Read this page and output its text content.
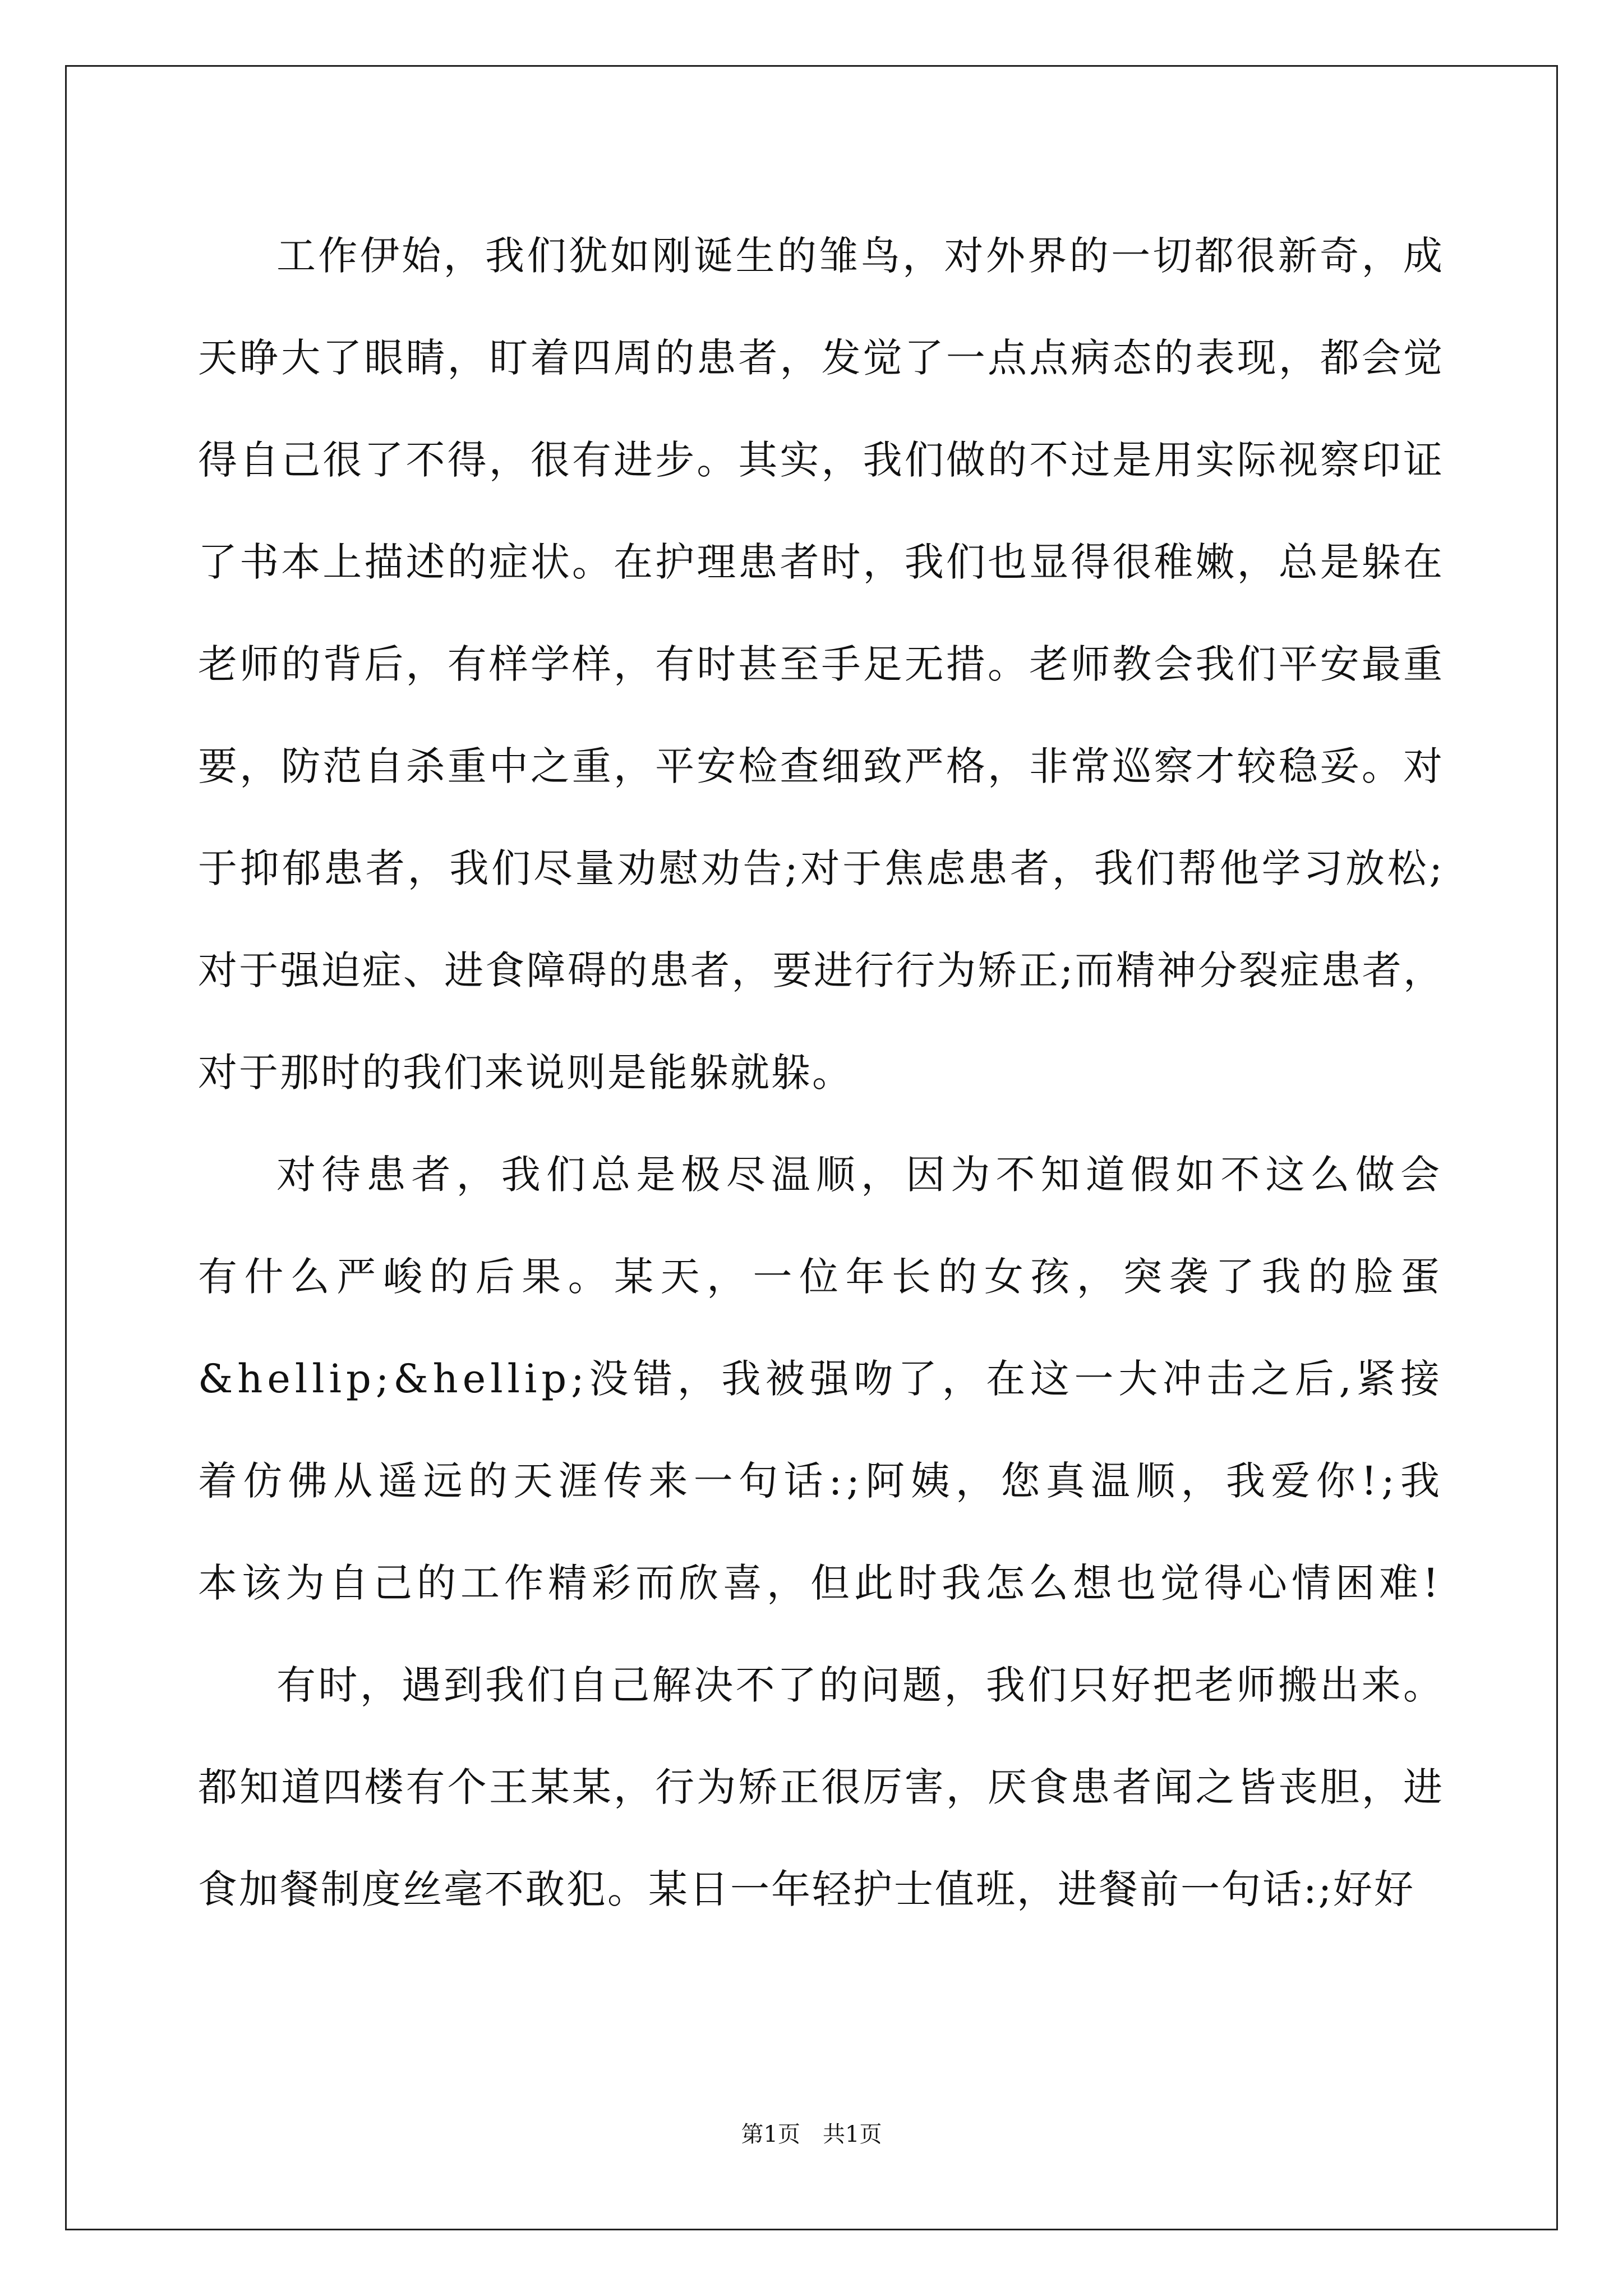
工作伊始，我们犹如刚诞生的雏鸟，对外界的一切都很新奇，成天睁大了眼睛，盯着四周的患者，发觉了一点点病态的表现，都会觉得自己很了不得，很有进步。其实，我们做的不过是用实际视察印证了书本上描述的症状。在护理患者时，我们也显得很稚嫩，总是躲在老师的背后，有样学样，有时甚至手足无措。老师教会我们平安最重要，防范自杀重中之重，平安检查细致严格，非常巡察才较稳妥。对于抑郁患者，我们尽量劝慰劝告;对于焦虑患者，我们帮他学习放松;对于强迫症、进食障碍的患者，要进行行为矫正;而精神分裂症患者，对于那时的我们来说则是能躲就躲。

对待患者，我们总是极尽温顺，因为不知道假如不这么做会有什么严峻的后果。某天，一位年长的女孩，突袭了我的脸蛋&hellip;&hellip;没错，我被强吻了，在这一大冲击之后,紧接着仿佛从遥远的天涯传来一句话:;阿姨，您真温顺，我爱你!;我本该为自己的工作精彩而欣喜，但此时我怎么想也觉得心情困难!

有时，遇到我们自己解决不了的问题，我们只好把老师搬出来。都知道四楼有个王某某，行为矫正很厉害，厌食患者闻之皆丧胆，进食加餐制度丝毫不敢犯。某日一年轻护士值班，进餐前一句话:;好好

第1页　共1页
